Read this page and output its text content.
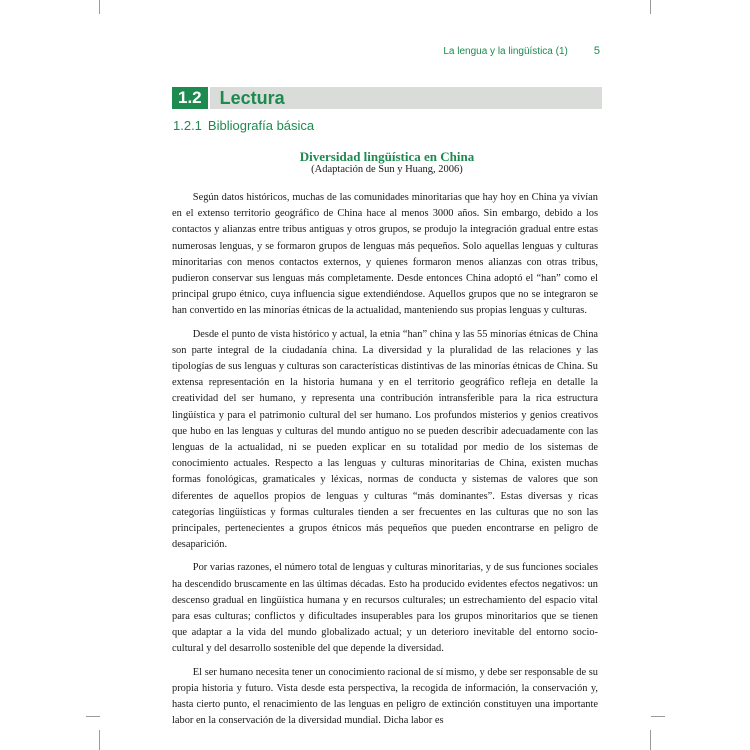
La lengua y la lingüística (1) 5
1.2	Lectura
1.2.1 Bibliografía básica
Diversidad lingüística en China
(Adaptación de Sun y Huang, 2006)

Según datos históricos, muchas de las comunidades minoritarias que hay hoy en China ya vivían en el extenso territorio geográfico de China hace al menos 3000 años. Sin embargo, debido a los contactos y alianzas entre tribus antiguas y otros grupos, se produjo la integración gradual entre estas numerosas lenguas, y se formaron grupos de lenguas más pequeños. Solo aquellas lenguas y culturas minoritarias con menos contactos externos, y quienes formaron menos alianzas con otras tribus, pudieron conservar sus lenguas más completamente. Desde entonces China adoptó el “han” como el principal grupo étnico, cuya influencia sigue extendiéndose. Aquellos grupos que no se integraron se han convertido en las minorías étnicas de la actualidad, manteniendo sus propias lenguas y culturas.

Desde el punto de vista histórico y actual, la etnia “han” china y las 55 minorías étnicas de China son parte integral de la ciudadanía china. La diversidad y la pluralidad de las relaciones y las tipologías de sus lenguas y culturas son características distintivas de las minorías étnicas de China. Su extensa representación en la historia humana y en el territorio geográfico refleja en detalle la creatividad del ser humano, y representa una contribución intransferible para la rica estructura lingüística y para el patrimonio cultural del ser humano. Los profundos misterios y genios creativos que hubo en las lenguas y culturas del mundo antiguo no se pueden describir adecuadamente con las lenguas de la actualidad, ni se pueden explicar en su totalidad por medio de los sistemas de conocimiento actuales. Respecto a las lenguas y culturas minoritarias de China, existen muchas formas fonológicas, gramaticales y léxicas, normas de conducta y sistemas de valores que son diferentes de aquellos propios de lenguas y culturas “más dominantes”. Estas diversas y ricas categorías lingüísticas y formas culturales tienden a ser frecuentes en las culturas que no son las principales, pertenecientes a grupos étnicos más pequeños que pueden encontrarse en peligro de desaparición.

Por varias razones, el número total de lenguas y culturas minoritarias, y de sus funciones sociales ha descendido bruscamente en las últimas décadas. Esto ha producido evidentes efectos negativos: un descenso gradual en lingüística humana y en recursos culturales; un estrechamiento del espacio vital para esas culturas; conflictos y dificultades insuperables para los grupos minoritarios que se tienen que adaptar a la vida del mundo globalizado actual; y un deterioro inevitable del entorno socio-cultural y del desarrollo sostenible del que depende la diversidad.

El ser humano necesita tener un conocimiento racional de sí mismo, y debe ser responsable de su propia historia y futuro. Vista desde esta perspectiva, la recogida de información, la conservación y, hasta cierto punto, el renacimiento de las lenguas en peligro de extinción constituyen una importante labor en la conservación de la diversidad mundial. Dicha labor es
